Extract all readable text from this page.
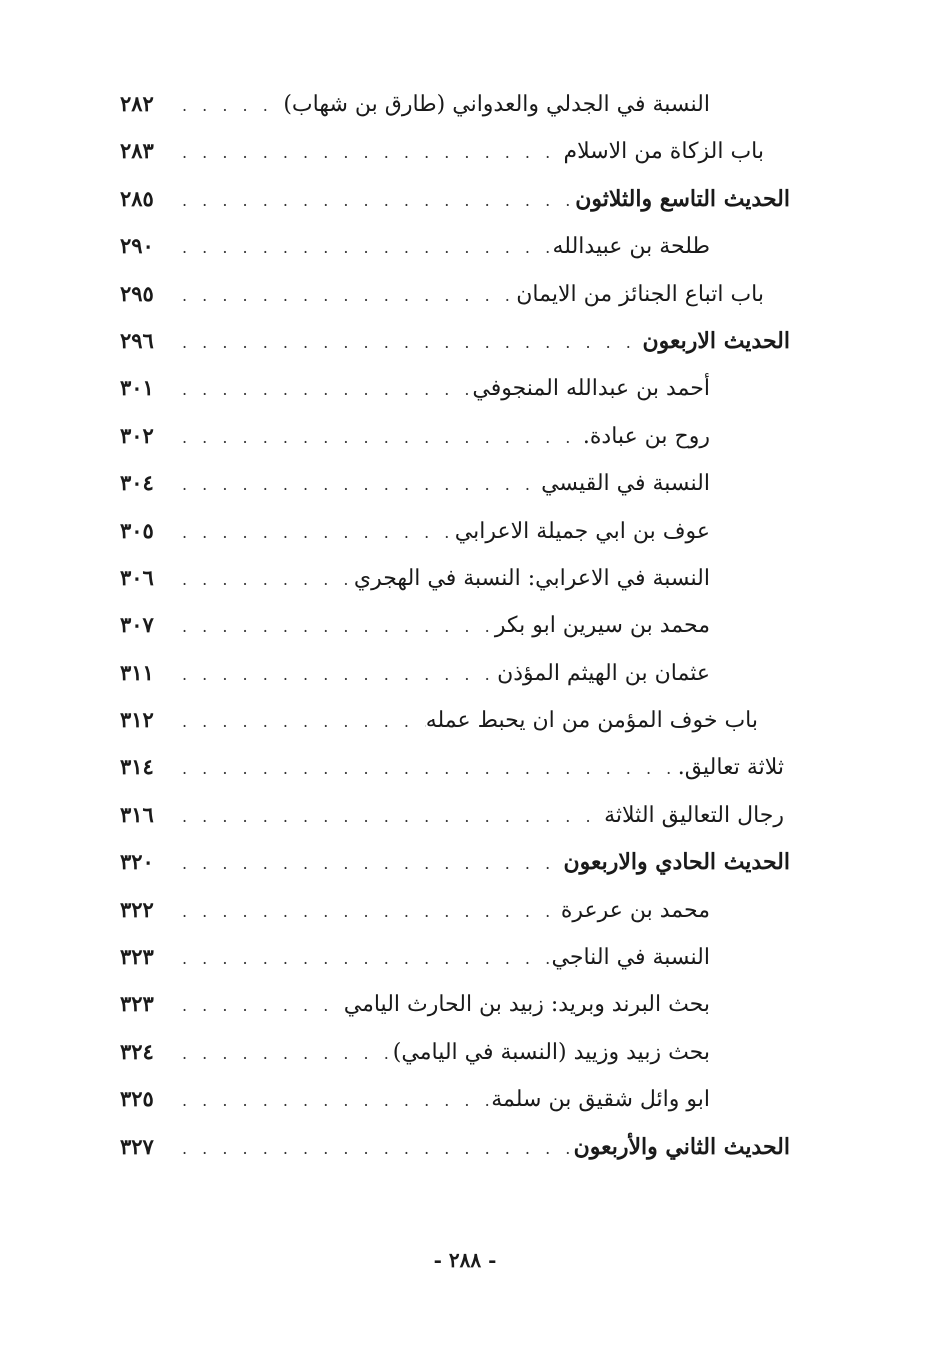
٢٨٢ . . .	النسبة في الجدلي والعدواني (طارق بن شهاب)
٢٨٣ . . .	باب الزكاة من الاسلام
٢٨٥ . . .	الحديث التاسع والثلاثون
٢٩٠ . . .	طلحة بن عبيدالله
٢٩٥ . . .	باب اتباع الجنائز من الايمان
٢٩٦ . . .	الحديث الاربعون
٣٠١ . . .	أحمد بن عبدالله المنجوفي
٣٠٢ . . .	روح بن عبادة.
٣٠٤ . . .	النسبة في القيسي
٣٠٥ . . .	عوف بن ابي جميلة الاعرابي
٣٠٦ . . .	النسبة في الاعرابي: النسبة في الهجري
٣٠٧ . . .	محمد بن سيرين ابو بكر
٣١١ . . .	عثمان بن الهيثم المؤذن
٣١٢ . . .	باب خوف المؤمن من ان يحبط عمله
٣١٤ . . .	ثلاثة تعاليق.
٣١٦ . . .	رجال التعاليق الثلاثة
٣٢٠ . . .	الحديث الحادي والاربعون
٣٢٢ . . .	محمد بن عرعرة
٣٢٣ . . .	النسبة في الناجي
٣٢٣ . . .	بحث البرند وبريد: زبيد بن الحارث اليامي
٣٢٤ . . .	بحث زبيد وزييد (النسبة في اليامي)
٣٢٥ . . .	ابو وائل شقيق بن سلمة
٣٢٧ . . .	الحديث الثاني والأربعون
- ٢٨٨ -
